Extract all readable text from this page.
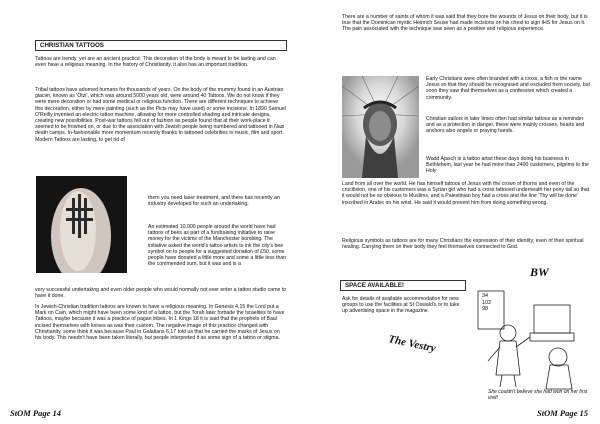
CHRISTIAN TATTOOS

Tattoos are trendy, yet are an ancient practice. This decoration of the body is meant to be lasting and can even have a religious meaning. In the history of Christianity, it also has an important tradition.

Tribal tattoos have adorned humans for thousands of years. On the body of the mummy found in an Austrian glacier, known as 'Ötzi', which was around 5000 years old, were around 40 Tattoos. We do not know if they were mere decoration or had some medical or religious function. There are different techniques to achieve this decoration, either by mere painting (such as the Picts may have used) or some incisions. In 1890 Samuel O'Reilly invented an electric tattoo machine, allowing for more controlled shading and intricate designs, creating new possibilities. Post-war tattoos fell out of fashion as people found that at their work-place it seemed to be frowned on, or due to the association with Jewish people being numbered and tattooed in Nazi death camps. In-fashionable more momentum recently thanks to tattooed celebrities in music, film and sport. Modern Tattoos are lasting, to get rid of

them you need laser treatment, and there has recently an industry developed for such an undertaking.

An estimated 10.000 people around the world have had tattoos of bees as part of a fundraising initiative to raise money for the victims of the Manchester bombing. The initiative asked the world's tattoo artists to ink the city's bee symbol on to people for a suggested donation of £50, some people have donated a little more and some a little less than the commended sum, but it was and is a

very successful undertaking and even older people who would normally not ever enter a tattoo studio came to have it done.

In Jewish-Christian tradition tattoos are known to have a religious meaning. In Genesis 4,15 the Lord put a Mark on Cain, which might have been some kind of a tattoo, but the Torah later forbade the Israelites to have Tattoos, maybe because it was a practice of pagan tribes. In 1 Kings 18 it is said that the prophets of Baal incised themselves with knives as was their custom. The negative image of this practice changed with Christianity, some think it was because Paul in Galatians 6,17 told us that he carried the marks of Jesus on his body. This needn't have been taken literally, but people interpreted it as some sign of a tattoo or stigma.

StOM Page 14

There are a number of saints of whom it was said that they bore the wounds of Jesus on their body, but it is true that the Dominican mystic Heinrich Seuse had made incisions on his chest to sign IHS for Jesus on it. The pain associated with the technique was seen as a positive and religious experience.

Early Christians were often branded with a cross, a fish or the name Jesus so that they should be recognised and excluded from society, but soon they saw that themselves as a confession which created a community.

Christian sailors in later times often had similar tattoos as a reminder and as a protection in danger, these were mainly crosses, hearts and anchors also angels or praying hands.

Wadd Ajasch is a tattoo artist these days doing his business in Bethlehem, last year he had more than 2400 customers, pilgrims to the Holy

Land from all over the world. He has himself tattoos of Jesus with the crown of thorns and even of the crucifixion, one of his customers was a Syrian girl who had a cross tattooed underneath her pony tail so that it would not be so obvious to Muslims, and a Palestinian boy had a cross and the line 'Thy will be done' inscribed in Arabic on his wrist. He said it would prevent him from doing something wrong.

Religious symbols as tattoos are for many Christians the expression of their identity, even of their spiritual healing. Carrying them on their body they feel themselves connected to God.

SPACE AVAILABLE!

Ask for details of available accommodation for new groups to use the facilities at St Oswald's or to take up advertising space in the magazine.

The Vestry
BW
34
102
98
She couldn't believe she had won on her first visit!
StOM Page 15
